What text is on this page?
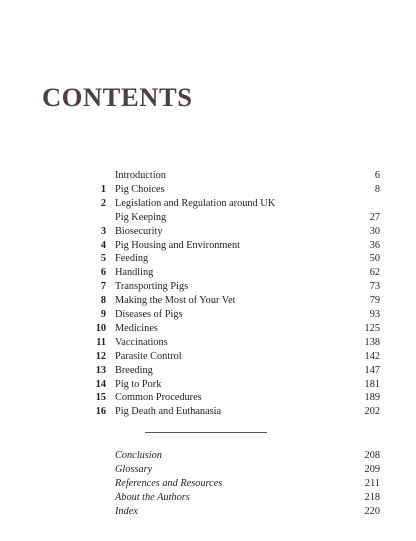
CONTENTS
Introduction	6
1 Pig Choices	8
2 Legislation and Regulation around UK
Pig Keeping	27
3 Biosecurity	30
4 Pig Housing and Environment	36
5 Feeding	50
6 Handling	62
7 Transporting Pigs	73
8 Making the Most of Your Vet	79
9 Diseases of Pigs	93
10 Medicines	125
11 Vaccinations	138
12 Parasite Control	142
13 Breeding	147
14 Pig to Pork	181
15 Common Procedures	189
16 Pig Death and Euthanasia	202
Conclusion	208
Glossary	209
References and Resources	211
About the Authors	218
Index	220
